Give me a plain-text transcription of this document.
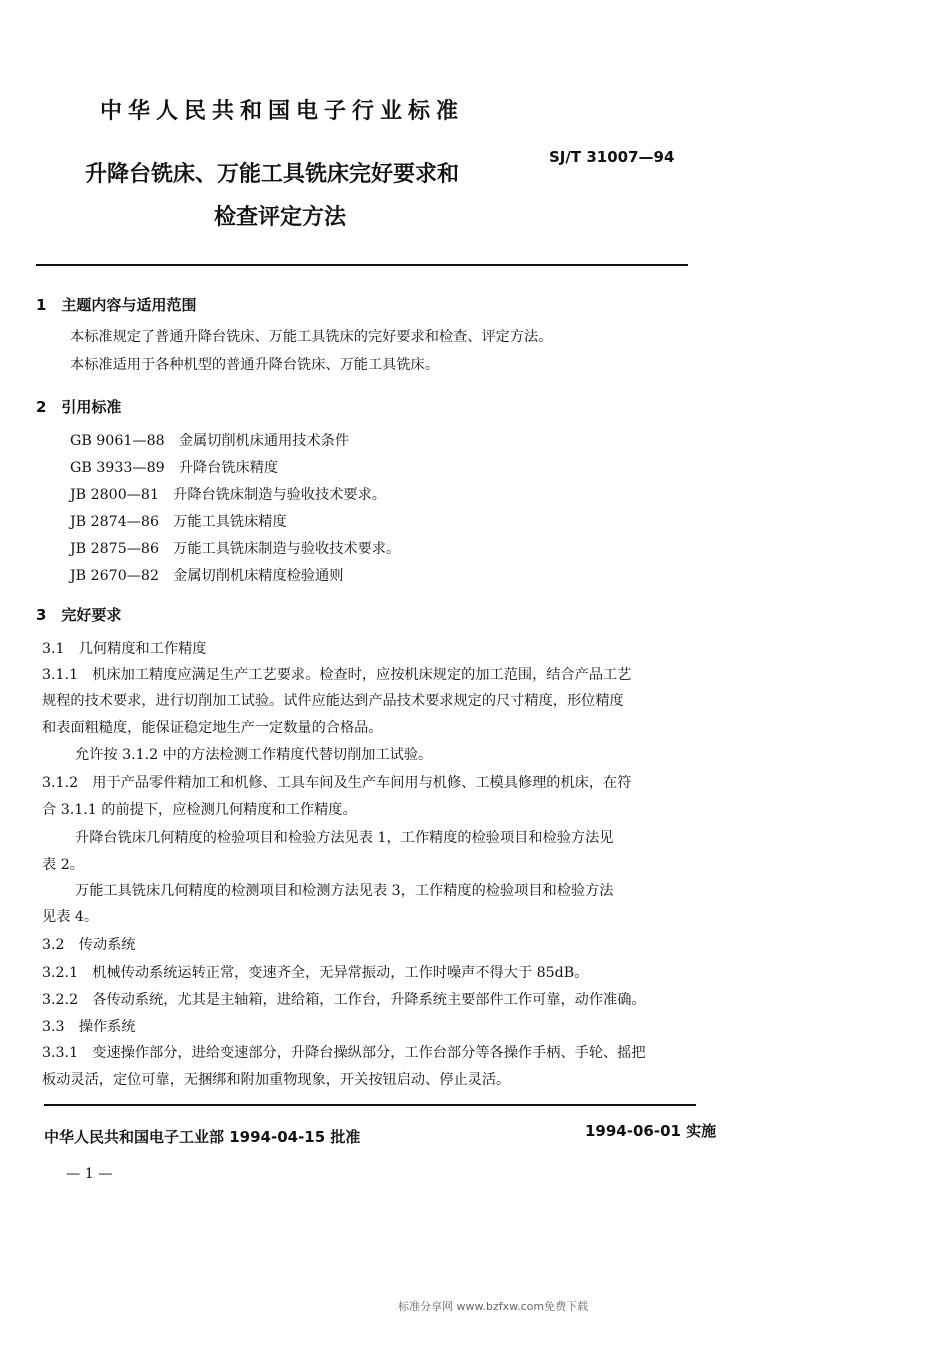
中华人民共和国电子行业标准
升降台铣床、万能工具铣床完好要求和
检查评定方法
SJ/T 31007—94
1　主题内容与适用范围
本标准规定了普通升降台铣床、万能工具铣床的完好要求和检查、评定方法。
本标准适用于各种机型的普通升降台铣床、万能工具铣床。
2　引用标准
GB 9061—88　金属切削机床通用技术条件
GB 3933—89　升降台铣床精度
JB 2800—81　升降台铣床制造与验收技术要求。
JB 2874—86　万能工具铣床精度
JB 2875—86　万能工具铣床制造与验收技术要求。
JB 2670—82　金属切削机床精度检验通则
3　完好要求
3.1　几何精度和工作精度
3.1.1　机床加工精度应满足生产工艺要求。检查时，应按机床规定的加工范围，结合产品工艺
规程的技术要求，进行切削加工试验。试件应能达到产品技术要求规定的尺寸精度，形位精度
和表面粗糙度，能保证稳定地生产一定数量的合格品。
允许按 3.1.2 中的方法检测工作精度代替切削加工试验。
3.1.2　用于产品零件精加工和机修、工具车间及生产车间用与机修、工模具修理的机床，在符
合 3.1.1 的前提下，应检测几何精度和工作精度。
升降台铣床几何精度的检验项目和检验方法见表 1，工作精度的检验项目和检验方法见
表 2。
万能工具铣床几何精度的检测项目和检测方法见表 3，工作精度的检验项目和检验方法
见表 4。
3.2　传动系统
3.2.1　机械传动系统运转正常，变速齐全，无异常振动，工作时噪声不得大于 85dB。
3.2.2　各传动系统，尤其是主轴箱，进给箱，工作台，升降系统主要部件工作可靠，动作准确。
3.3　操作系统
3.3.1　变速操作部分，进给变速部分，升降台操纵部分，工作台部分等各操作手柄、手轮、摇把
板动灵活，定位可靠，无捆绑和附加重物现象，开关按钮启动、停止灵活。
中华人民共和国电子工业部 1994-04-15 批准	1994-06-01 实施
— 1 —
标准分享网 www.bzfxw.com免费下载
